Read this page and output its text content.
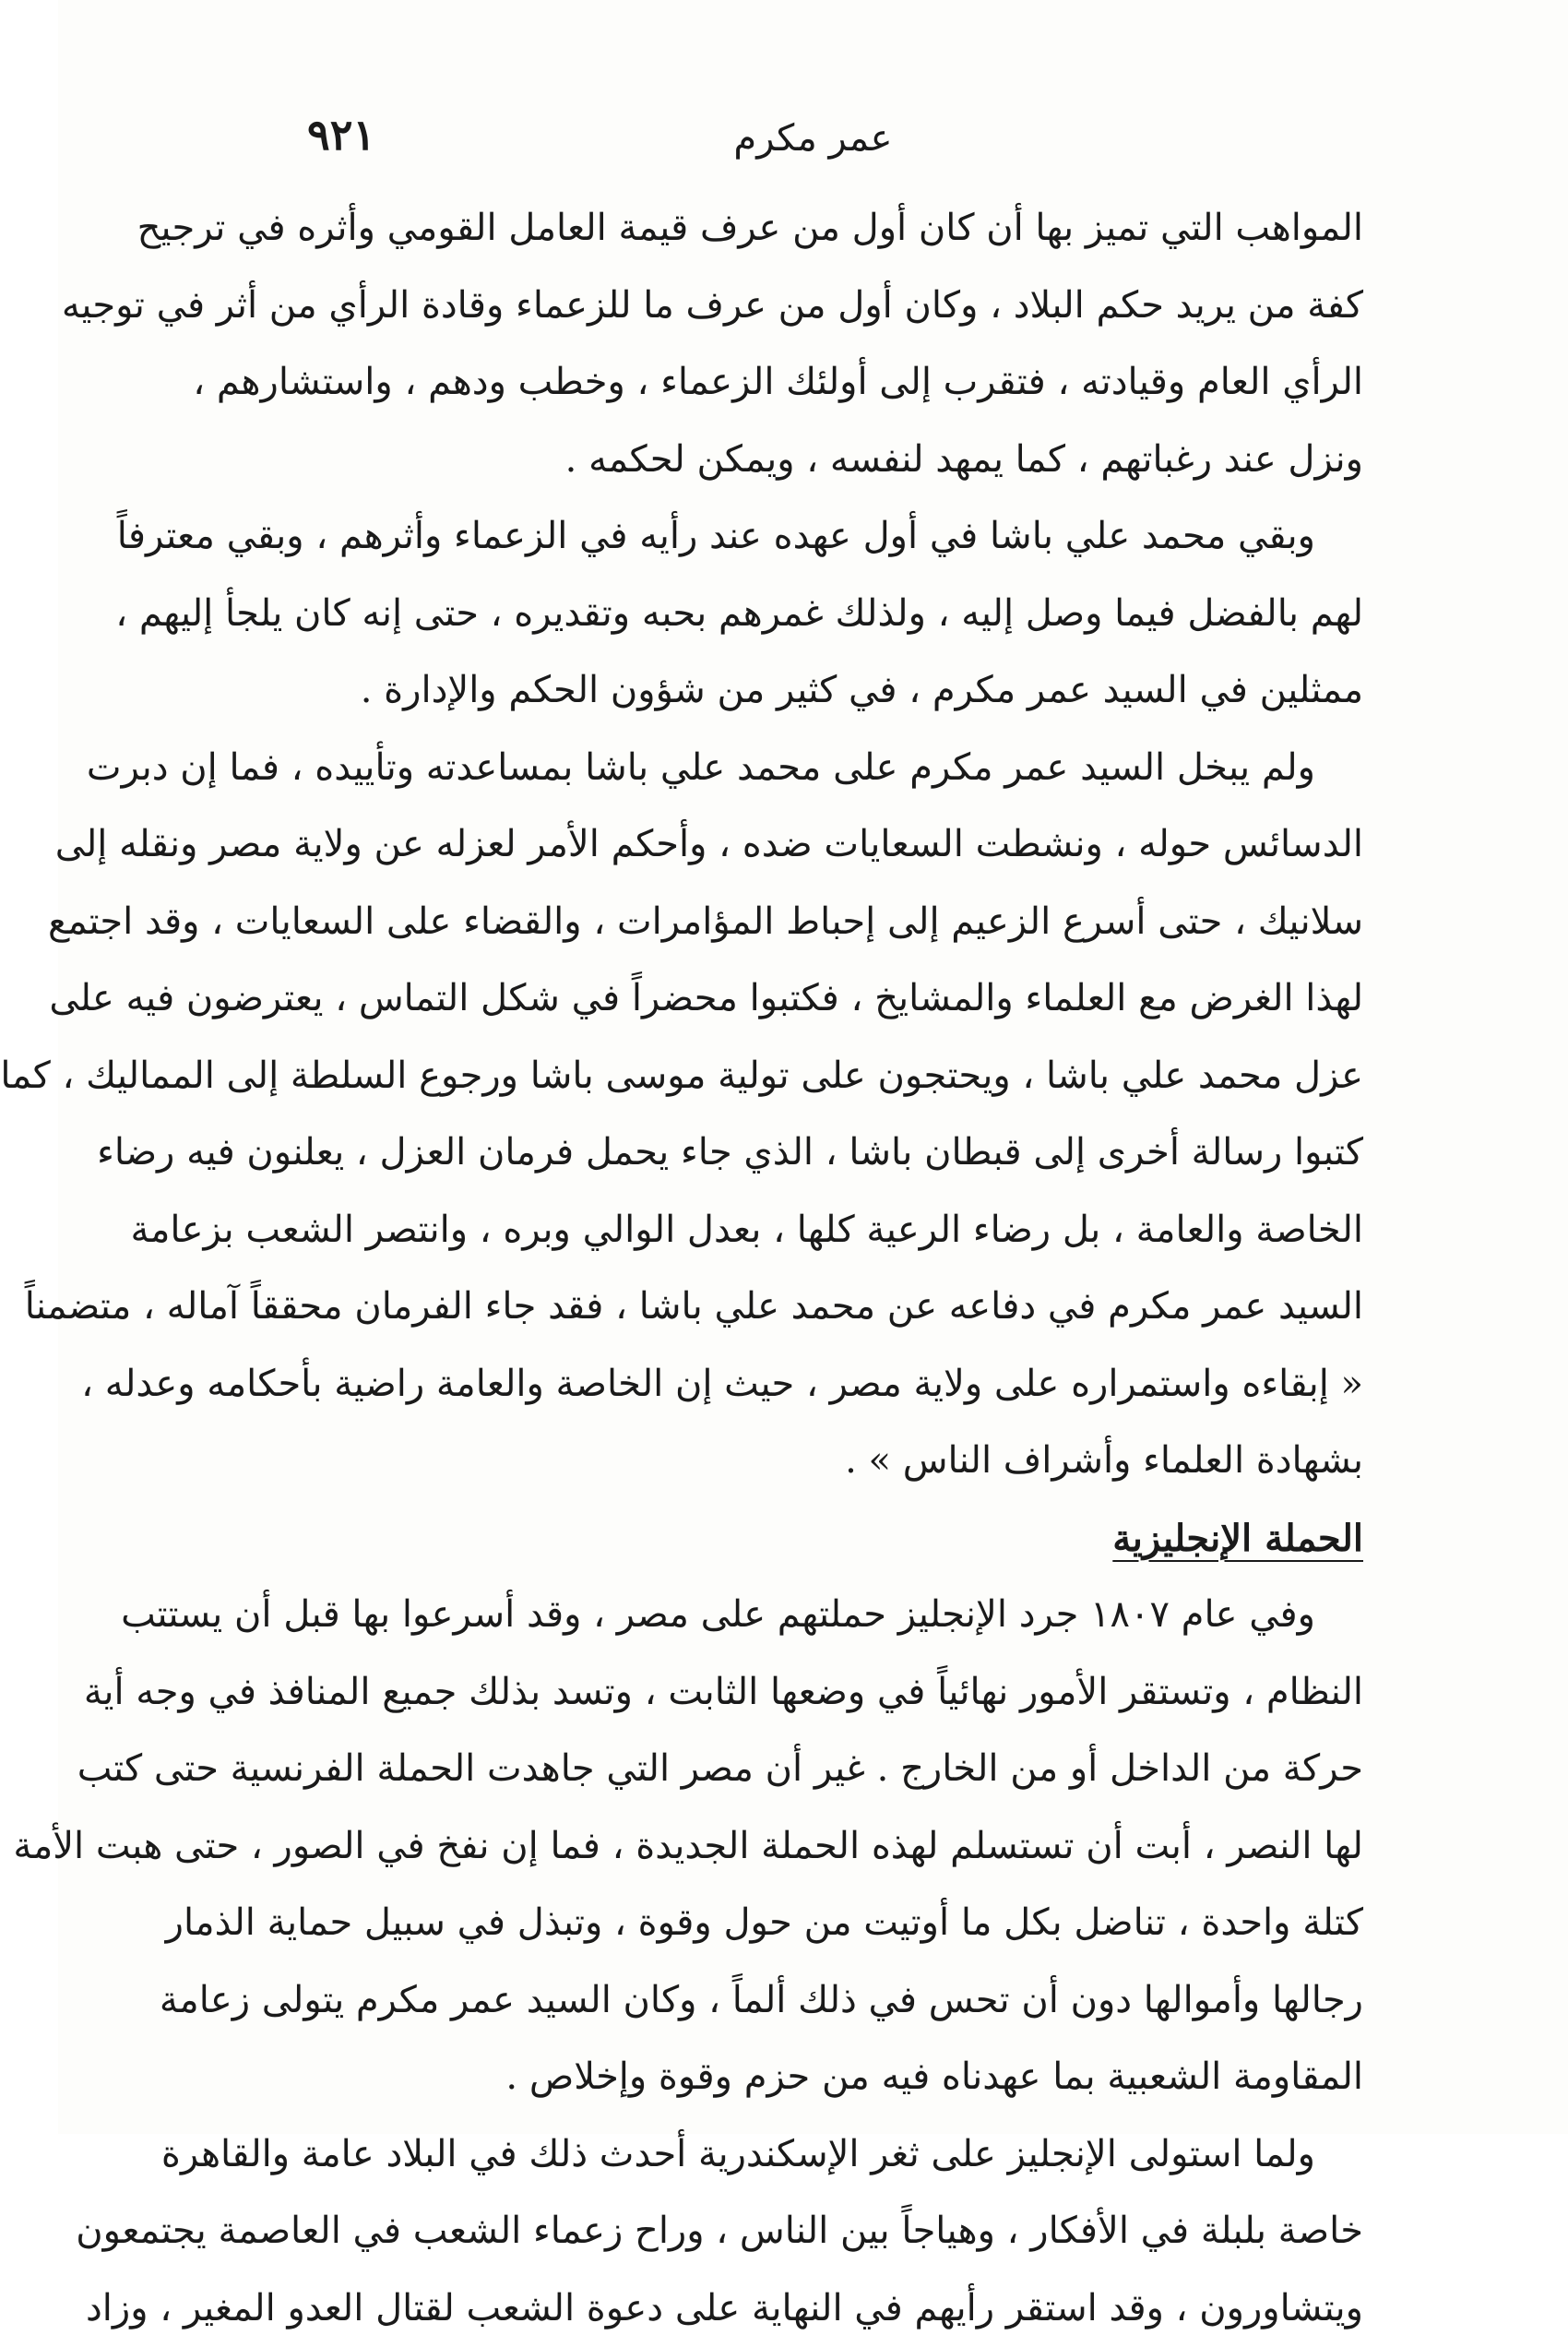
عمر مكرم
٩٢١
المواهب التي تميز بها أن كان أول من عرف قيمة العامل القومي وأثره في ترجيح
كفة من يريد حكم البلاد ، وكان أول من عرف ما للزعماء وقادة الرأي من أثر في توجيه
الرأي العام وقيادته ، فتقرب إلى أولئك الزعماء ، وخطب ودهم ، واستشارهم ،
ونزل عند رغباتهم ، كما يمهد لنفسه ، ويمكن لحكمه .
وبقي محمد علي باشا في أول عهده عند رأيه في الزعماء وأثرهم ، وبقي معترفاً
لهم بالفضل فيما وصل إليه ، ولذلك غمرهم بحبه وتقديره ، حتى إنه كان يلجأ إليهم ،
ممثلين في السيد عمر مكرم ، في كثير من شؤون الحكم والإدارة .
ولم يبخل السيد عمر مكرم على محمد علي باشا بمساعدته وتأييده ، فما إن دبرت
الدسائس حوله ، ونشطت السعايات ضده ، وأحكم الأمر لعزله عن ولاية مصر ونقله إلى
سلانيك ، حتى أسرع الزعيم إلى إحباط المؤامرات ، والقضاء على السعايات ، وقد اجتمع
لهذا الغرض مع العلماء والمشايخ ، فكتبوا محضراً في شكل التماس ، يعترضون فيه على
عزل محمد علي باشا ، ويحتجون على تولية موسى باشا ورجوع السلطة إلى المماليك ، كما
كتبوا رسالة أخرى إلى قبطان باشا ، الذي جاء يحمل فرمان العزل ، يعلنون فيه رضاء
الخاصة والعامة ، بل رضاء الرعية كلها ، بعدل الوالي وبره ، وانتصر الشعب بزعامة
السيد عمر مكرم في دفاعه عن محمد علي باشا ، فقد جاء الفرمان محققاً آماله ، متضمناً
« إبقاءه واستمراره على ولاية مصر ، حيث إن الخاصة والعامة راضية بأحكامه وعدله ،
بشهادة العلماء وأشراف الناس » .
الحملة الإنجليزية
وفي عام ١٨٠٧ جرد الإنجليز حملتهم على مصر ، وقد أسرعوا بها قبل أن يستتب
النظام ، وتستقر الأمور نهائياً في وضعها الثابت ، وتسد بذلك جميع المنافذ في وجه أية
حركة من الداخل أو من الخارج . غير أن مصر التي جاهدت الحملة الفرنسية حتى كتب
لها النصر ، أبت أن تستسلم لهذه الحملة الجديدة ، فما إن نفخ في الصور ، حتى هبت الأمة
كتلة واحدة ، تناضل بكل ما أوتيت من حول وقوة ، وتبذل في سبيل حماية الذمار
رجالها وأموالها دون أن تحس في ذلك ألماً ، وكان السيد عمر مكرم يتولى زعامة
المقاومة الشعبية بما عهدناه فيه من حزم وقوة وإخلاص .
ولما استولى الإنجليز على ثغر الإسكندرية أحدث ذلك في البلاد عامة والقاهرة
خاصة بلبلة في الأفكار ، وهياجاً بين الناس ، وراح زعماء الشعب في العاصمة يجتمعون
ويتشاورون ، وقد استقر رأيهم في النهاية على دعوة الشعب لقتال العدو المغير ، وزاد
